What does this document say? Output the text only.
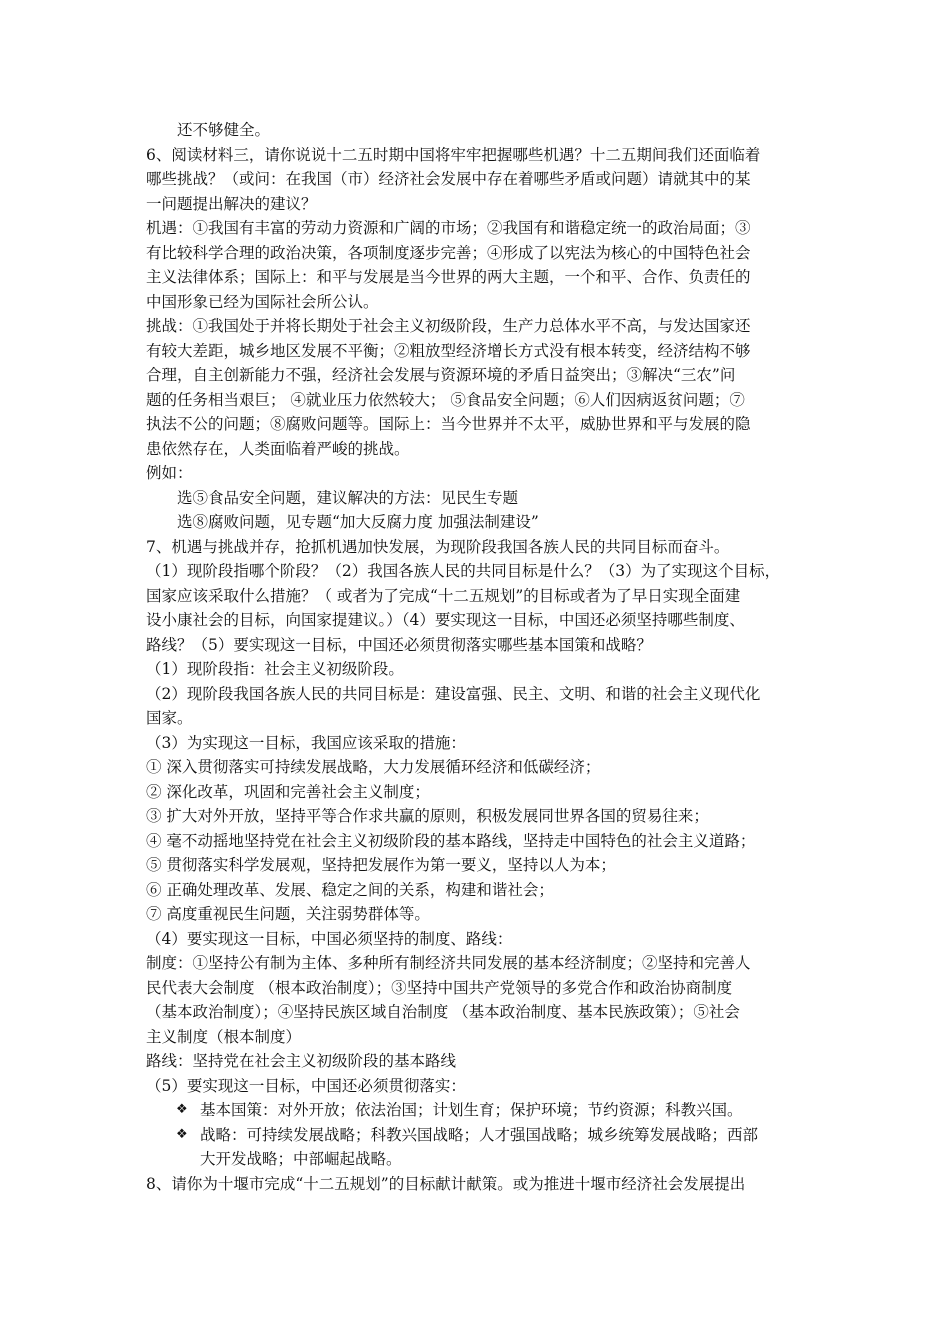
还不够健全。
6、阅读材料三，请你说说十二五时期中国将牢牢把握哪些机遇？十二五期间我们还面临着
哪些挑战？（或问：在我国（市）经济社会发展中存在着哪些矛盾或问题）请就其中的某
一问题提出解决的建议？
机遇：①我国有丰富的劳动力资源和广阔的市场；②我国有和谐稳定统一的政治局面；③
有比较科学合理的政治决策，各项制度逐步完善；④形成了以宪法为核心的中国特色社会
主义法律体系；国际上：和平与发展是当今世界的两大主题，一个和平、合作、负责任的
中国形象已经为国际社会所公认。
挑战：①我国处于并将长期处于社会主义初级阶段，生产力总体水平不高，与发达国家还
有较大差距，城乡地区发展不平衡；②粗放型经济增长方式没有根本转变，经济结构不够
合理，自主创新能力不强，经济社会发展与资源环境的矛盾日益突出；③解决“三农”问
题的任务相当艰巨； ④就业压力依然较大； ⑤食品安全问题；⑥人们因病返贫问题；⑦
执法不公的问题；⑧腐败问题等。国际上：当今世界并不太平，威胁世界和平与发展的隐
患依然存在，人类面临着严峻的挑战。
例如：
选⑤食品安全问题，建议解决的方法：见民生专题
选⑧腐败问题，见专题“加大反腐力度 加强法制建设”
7、机遇与挑战并存，抢抓机遇加快发展，为现阶段我国各族人民的共同目标而奋斗。
（1）现阶段指哪个阶段？（2）我国各族人民的共同目标是什么？（3）为了实现这个目标，
国家应该采取什么措施？（ 或者为了完成“十二五规划”的目标或者为了早日实现全面建
设小康社会的目标，向国家提建议。）（4）要实现这一目标，中国还必须坚持哪些制度、
路线？（5）要实现这一目标，中国还必须贯彻落实哪些基本国策和战略？
（1）现阶段指：社会主义初级阶段。
（2）现阶段我国各族人民的共同目标是：建设富强、民主、文明、和谐的社会主义现代化
国家。
（3）为实现这一目标，我国应该采取的措施：
① 深入贯彻落实可持续发展战略，大力发展循环经济和低碳经济；
② 深化改革，巩固和完善社会主义制度；
③ 扩大对外开放，坚持平等合作求共赢的原则，积极发展同世界各国的贸易往来；
④ 毫不动摇地坚持党在社会主义初级阶段的基本路线，坚持走中国特色的社会主义道路；
⑤ 贯彻落实科学发展观，坚持把发展作为第一要义，坚持以人为本；
⑥ 正确处理改革、发展、稳定之间的关系，构建和谐社会；
⑦ 高度重视民生问题，关注弱势群体等。
（4）要实现这一目标，中国必须坚持的制度、路线：
制度：①坚持公有制为主体、多种所有制经济共同发展的基本经济制度；②坚持和完善人
民代表大会制度 （根本政治制度）；③坚持中国共产党领导的多党合作和政治协商制度
（基本政治制度）；④坚持民族区域自治制度 （基本政治制度、基本民族政策）；⑤社会
主义制度（根本制度）
路线：坚持党在社会主义初级阶段的基本路线
（5）要实现这一目标，中国还必须贯彻落实：
❖ 基本国策：对外开放；依法治国；计划生育；保护环境；节约资源；科教兴国。
❖ 战略：可持续发展战略；科教兴国战略；人才强国战略；城乡统筹发展战略；西部
大开发战略；中部崛起战略。
8、请你为十堰市完成“十二五规划”的目标献计献策。或为推进十堰市经济社会发展提出
